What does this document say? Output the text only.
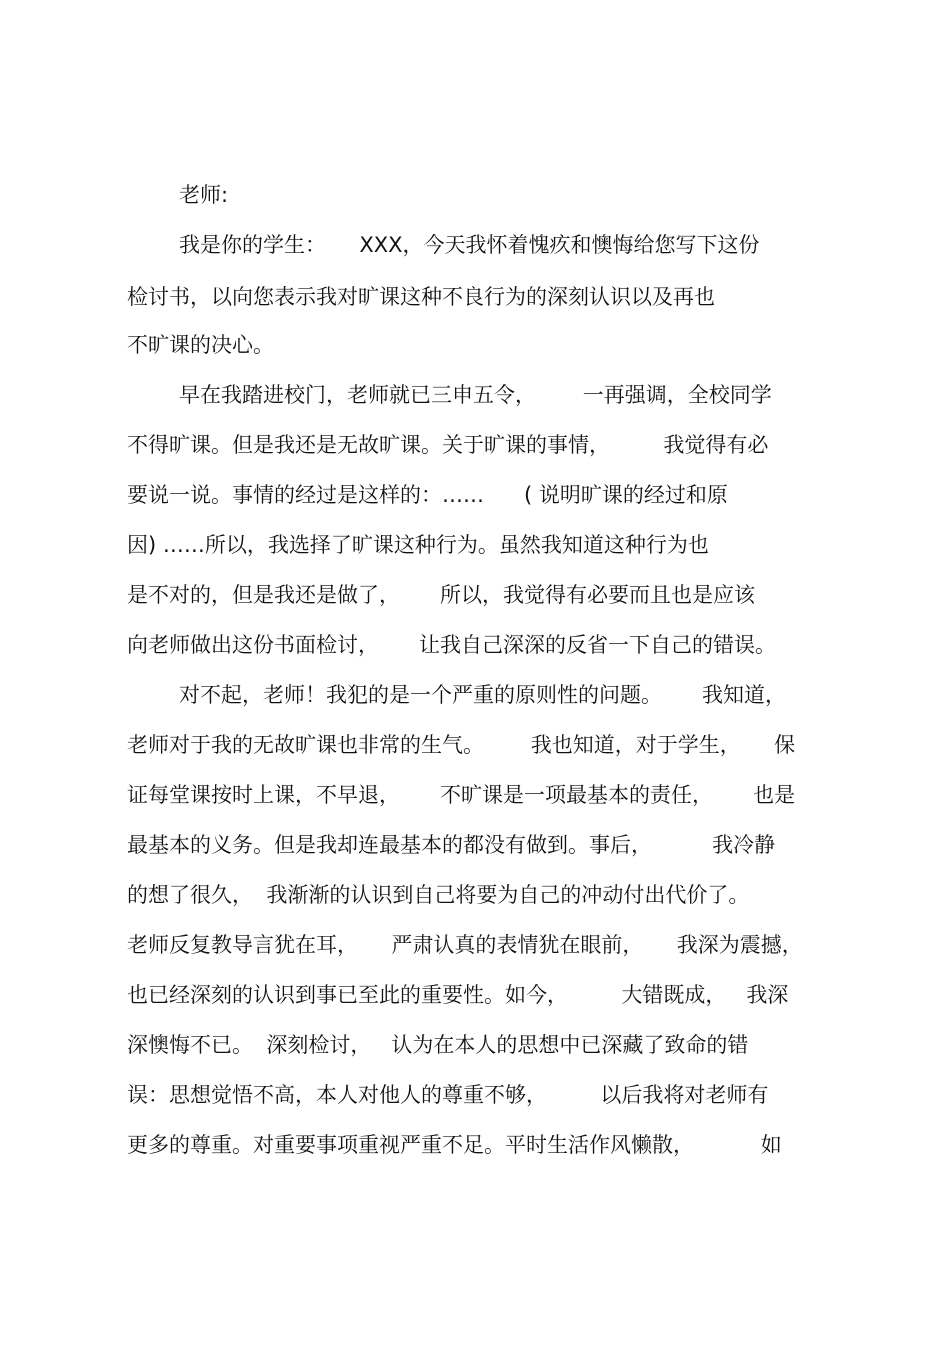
老师:
我是你的学生：     XXX，今天我怀着愧疚和懊悔给您写下这份
检讨书，以向您表示我对旷课这种不良行为的深刻认识以及再也
不旷课的决心。
早在我踏进校门，老师就已三申五令，       一再强调，全校同学
不得旷课。但是我还是无故旷课。关于旷课的事情，        我觉得有必
要说一说。事情的经过是这样的：……      ( 说明旷课的经过和原
因) ……所以，我选择了旷课这种行为。虽然我知道这种行为也
是不对的，但是我还是做了，      所以，我觉得有必要而且也是应该
向老师做出这份书面检讨，      让我自己深深的反省一下自己的错误。
对不起，老师！我犯的是一个严重的原则性的问题。      我知道，
老师对于我的无故旷课也非常的生气。       我也知道，对于学生，     保
证每堂课按时上课，不早退，      不旷课是一项最基本的责任，      也是
最基本的义务。但是我却连最基本的都没有做到。事后，         我冷静
的想了很久，  我渐渐的认识到自己将要为自己的冲动付出代价了。
老师反复教导言犹在耳，     严肃认真的表情犹在眼前，     我深为震撼，
也已经深刻的认识到事已至此的重要性。如今，        大错既成，   我深
深懊悔不已。  深刻检讨，   认为在本人的思想中已深藏了致命的错
误：思想觉悟不高，本人对他人的尊重不够，        以后我将对老师有
更多的尊重。对重要事项重视严重不足。平时生活作风懒散，          如
